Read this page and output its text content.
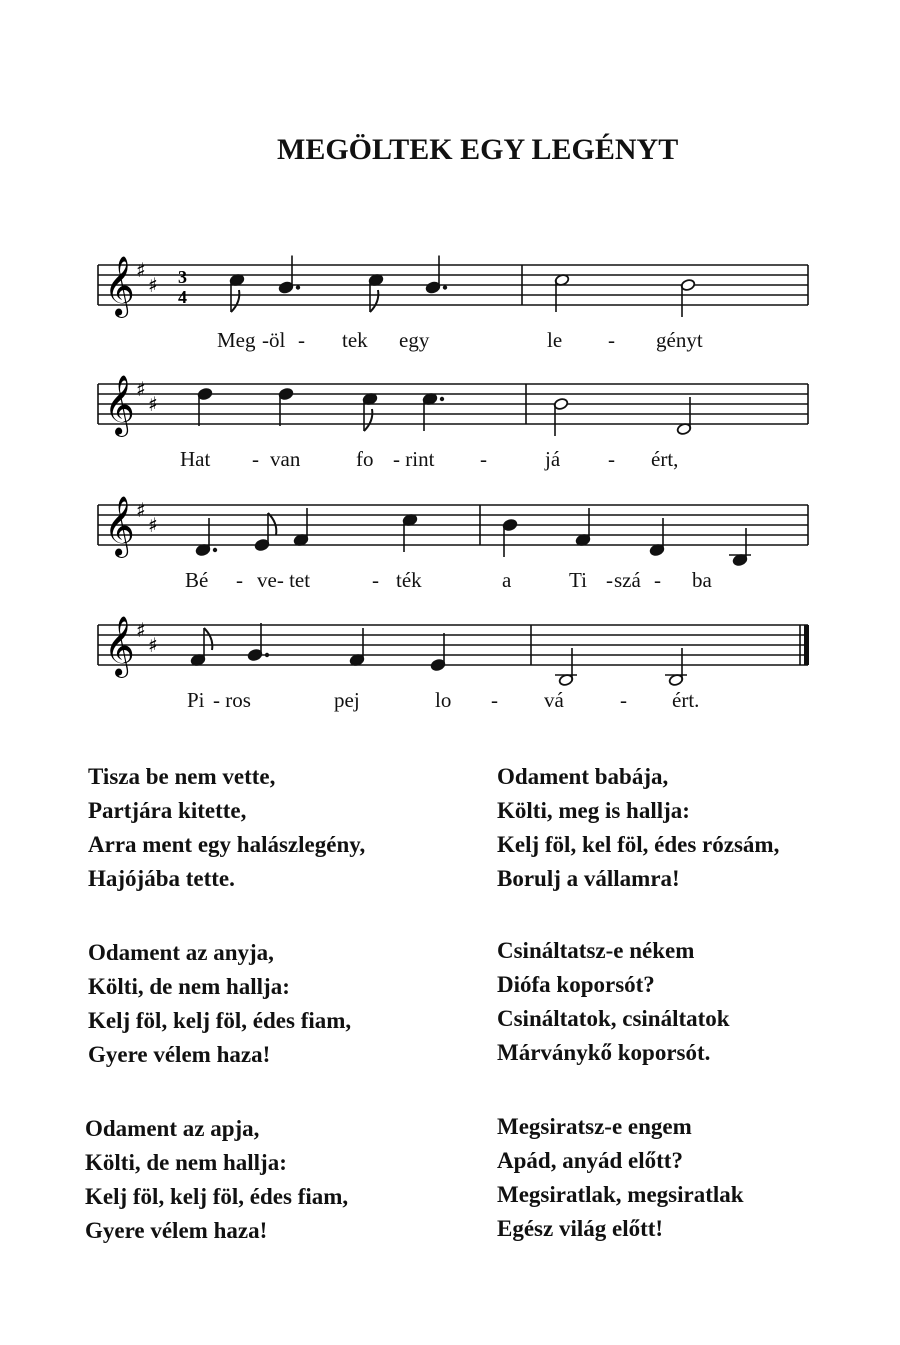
MEGÖLTEK EGY LEGÉNYT
𝄞 ♯
♯ 3
4
Meg -öl - tek egy	le - gényt
𝄞 ♯
♯
Hat - van	fo - rint -	já - ért,
𝄞 ♯
♯
Bé - ve- tet	- ték	a	Ti - szá - ba
𝄞 ♯
♯
Pi - ros	pej	lo - vá	- ért.
Tisza be nem vette,
Partjára kitette,
Arra ment egy halászlegény,
Hajójába tette.
Odament az anyja,
Költi, de nem hallja:
Kelj föl, kelj föl, édes fiam,
Gyere vélem haza!
Odament az apja,
Költi, de nem hallja:
Kelj föl, kelj föl, édes fiam,
Gyere vélem haza!
Odament babája,
Költi, meg is hallja:
Kelj föl, kel föl, édes rózsám,
Borulj a vállamra!
Csináltatsz-e nékem
Diófa koporsót?
Csináltatok, csináltatok
Márványkő koporsót.
Megsiratsz-e engem
Apád, anyád előtt?
Megsiratlak, megsiratlak
Egész világ előtt!
